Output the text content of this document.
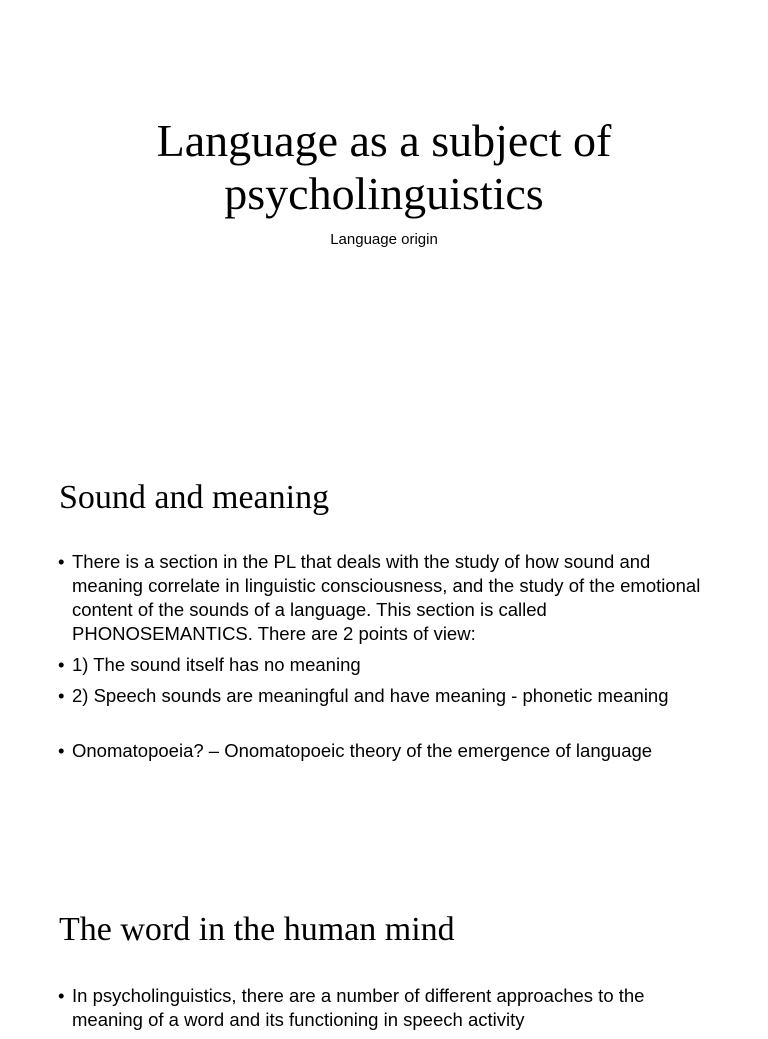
Language as a subject of psycholinguistics
Language origin
Sound and meaning
• There is a section in the PL that deals with the study of how sound and meaning correlate in linguistic consciousness, and the study of the emotional content of the sounds of a language. This section is called PHONOSEMANTICS. There are 2 points of view:
• 1) The sound itself has no meaning
• 2) Speech sounds are meaningful and have meaning - phonetic meaning
• Onomatopoeia? – Onomatopoeic theory of the emergence of language
The word in the human mind
• In psycholinguistics, there are a number of different approaches to the meaning of a word and its functioning in speech activity
